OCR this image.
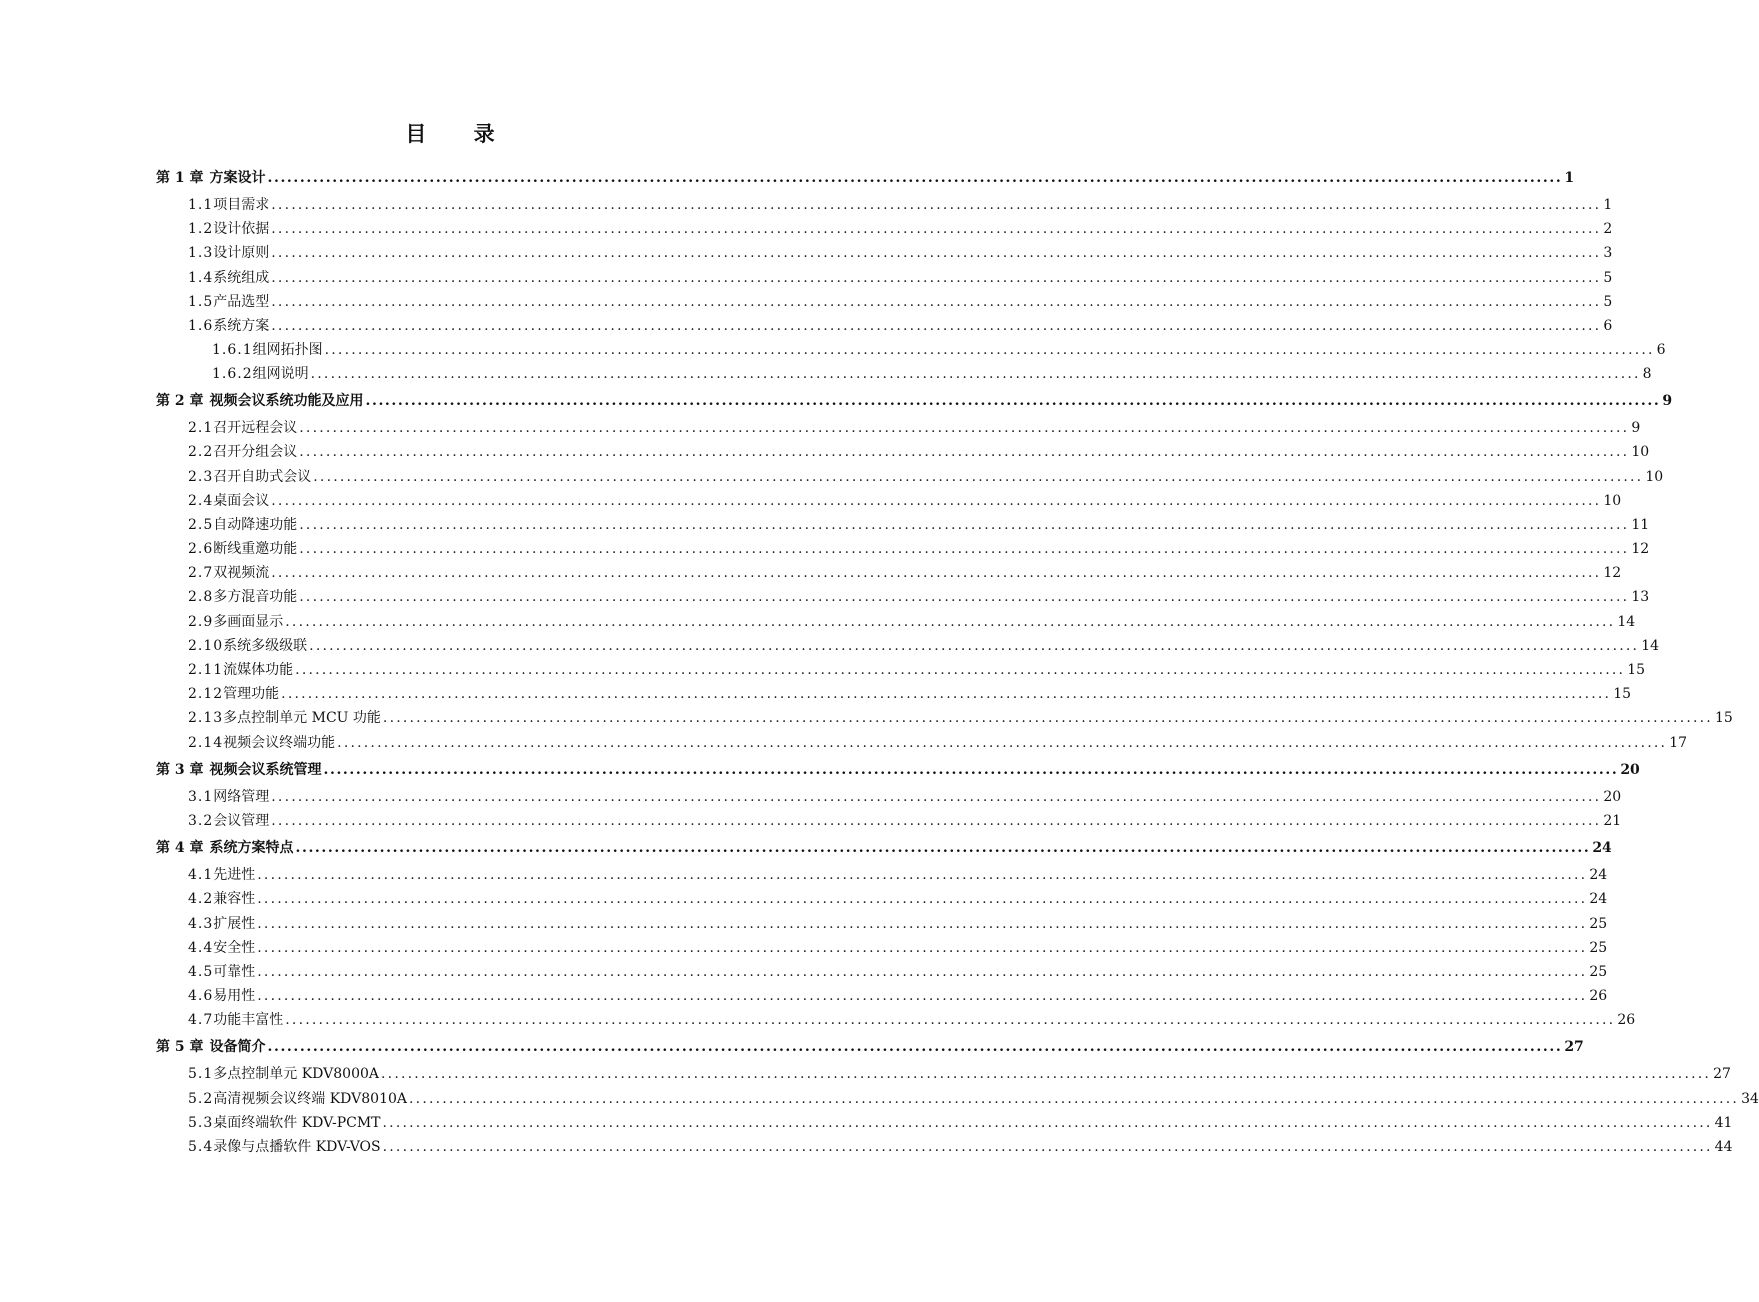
目 录
第 1 章 方案设计 ........................................................................................................................................................................................................ 1
1.1 项目需求 ........................................................................................................................................................................................................ 1
1.2 设计依据 ........................................................................................................................................................................................................ 2
1.3 设计原则 ........................................................................................................................................................................................................ 3
1.4 系统组成 ........................................................................................................................................................................................................ 5
1.5 产品选型 ........................................................................................................................................................................................................ 5
1.6 系统方案 ........................................................................................................................................................................................................ 6
1.6.1 组网拓扑图 ........................................................................................................................................................................................................ 6
1.6.2 组网说明 ........................................................................................................................................................................................................ 8
第 2 章 视频会议系统功能及应用 ........................................................................................................................................................................................................ 9
2.1 召开远程会议 ........................................................................................................................................................................................................ 9
2.2 召开分组会议 ........................................................................................................................................................................................................ 10
2.3 召开自助式会议 ........................................................................................................................................................................................................ 10
2.4 桌面会议 ........................................................................................................................................................................................................ 10
2.5 自动降速功能 ........................................................................................................................................................................................................ 11
2.6 断线重邀功能 ........................................................................................................................................................................................................ 12
2.7 双视频流 ........................................................................................................................................................................................................ 12
2.8 多方混音功能 ........................................................................................................................................................................................................ 13
2.9 多画面显示 ........................................................................................................................................................................................................ 14
2.10 系统多级级联 ........................................................................................................................................................................................................ 14
2.11 流媒体功能 ........................................................................................................................................................................................................ 15
2.12 管理功能 ........................................................................................................................................................................................................ 15
2.13 多点控制单元 MCU 功能 ........................................................................................................................................................................................................ 15
2.14 视频会议终端功能 ........................................................................................................................................................................................................ 17
第 3 章 视频会议系统管理 ........................................................................................................................................................................................................ 20
3.1 网络管理 ........................................................................................................................................................................................................ 20
3.2 会议管理 ........................................................................................................................................................................................................ 21
第 4 章 系统方案特点 ........................................................................................................................................................................................................ 24
4.1 先进性 ........................................................................................................................................................................................................ 24
4.2 兼容性 ........................................................................................................................................................................................................ 24
4.3 扩展性 ........................................................................................................................................................................................................ 25
4.4 安全性 ........................................................................................................................................................................................................ 25
4.5 可靠性 ........................................................................................................................................................................................................ 25
4.6 易用性 ........................................................................................................................................................................................................ 26
4.7 功能丰富性 ........................................................................................................................................................................................................ 26
第 5 章 设备简介 ........................................................................................................................................................................................................ 27
5.1 多点控制单元 KDV8000A ........................................................................................................................................................................................................ 27
5.2 高清视频会议终端 KDV8010A ........................................................................................................................................................................................................ 34
5.3 桌面终端软件 KDV-PCMT ........................................................................................................................................................................................................ 41
5.4 录像与点播软件 KDV-VOS ........................................................................................................................................................................................................ 44
